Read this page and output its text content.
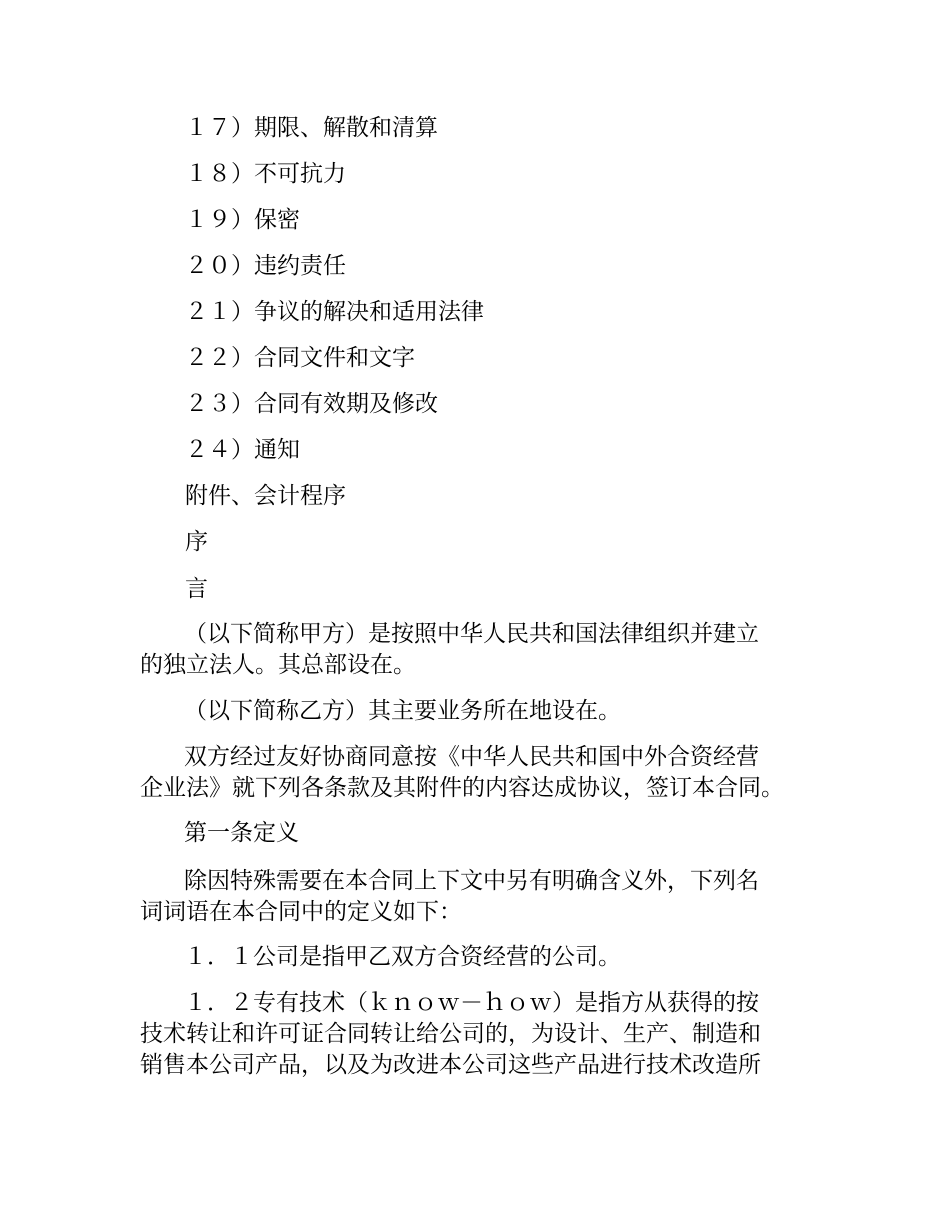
１７）期限、解散和清算
１８）不可抗力
１９）保密
２０）违约责任
２１）争议的解决和适用法律
２２）合同文件和文字
２３）合同有效期及修改
２４）通知
附件、会计程序
序
言
（以下简称甲方）是按照中华人民共和国法律组织并建立
的独立法人。其总部设在。
（以下简称乙方）其主要业务所在地设在。
双方经过友好协商同意按《中华人民共和国中外合资经营
企业法》就下列各条款及其附件的内容达成协议，签订本合同。
第一条定义
除因特殊需要在本合同上下文中另有明确含义外，下列名
词词语在本合同中的定义如下：
１．１公司是指甲乙双方合资经营的公司。
１．２专有技术（ｋｎｏｗ－ｈｏｗ）是指方从获得的按
技术转让和许可证合同转让给公司的，为设计、生产、制造和
销售本公司产品，以及为改进本公司这些产品进行技术改造所
